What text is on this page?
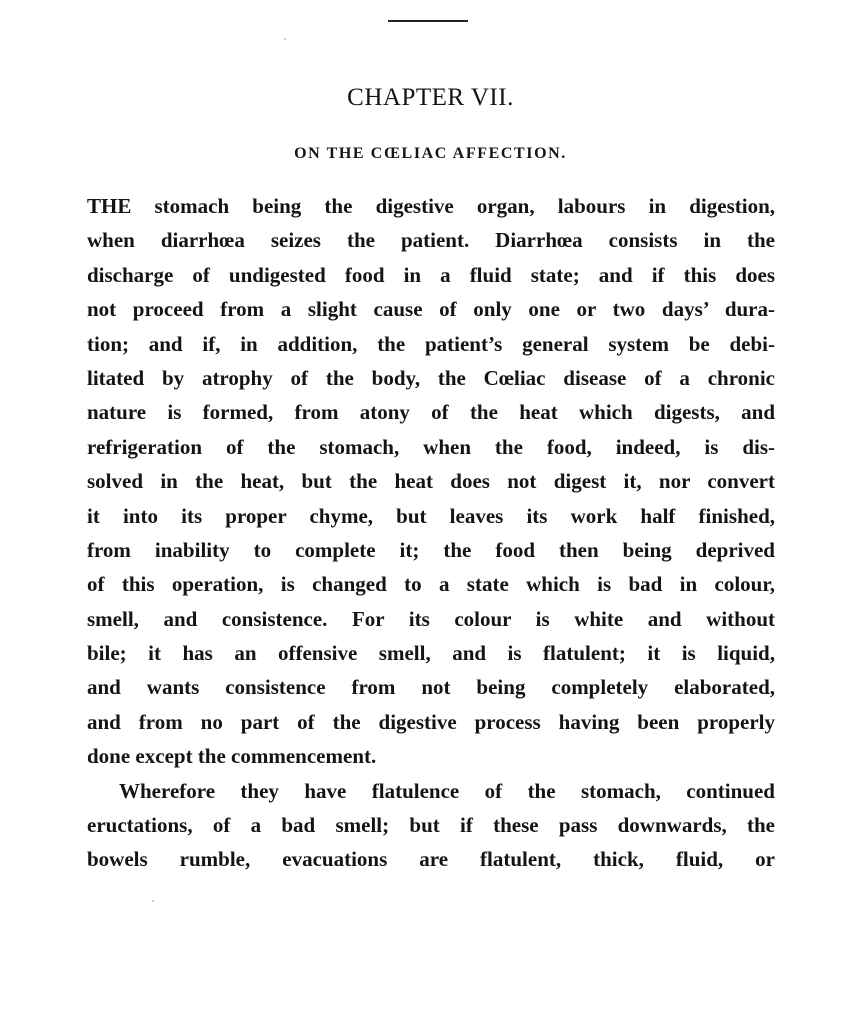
CHAPTER VII.
ON THE CŒLIAC AFFECTION.
THE stomach being the digestive organ, labours in digestion,
when diarrhœa seizes the patient. Diarrhœa consists in the
discharge of undigested food in a fluid state; and if this does
not proceed from a slight cause of only one or two days’ dura-
tion; and if, in addition, the patient’s general system be debi-
litated by atrophy of the body, the Cœliac disease of a chronic
nature is formed, from atony of the heat which digests, and
refrigeration of the stomach, when the food, indeed, is dis-
solved in the heat, but the heat does not digest it, nor convert
it into its proper chyme, but leaves its work half finished,
from inability to complete it; the food then being deprived
of this operation, is changed to a state which is bad in colour,
smell, and consistence. For its colour is white and without
bile; it has an offensive smell, and is flatulent; it is liquid,
and wants consistence from not being completely elaborated,
and from no part of the digestive process having been properly
done except the commencement.
Wherefore they have flatulence of the stomach, continued
eructations, of a bad smell; but if these pass downwards, the
bowels rumble, evacuations are flatulent, thick, fluid, or
